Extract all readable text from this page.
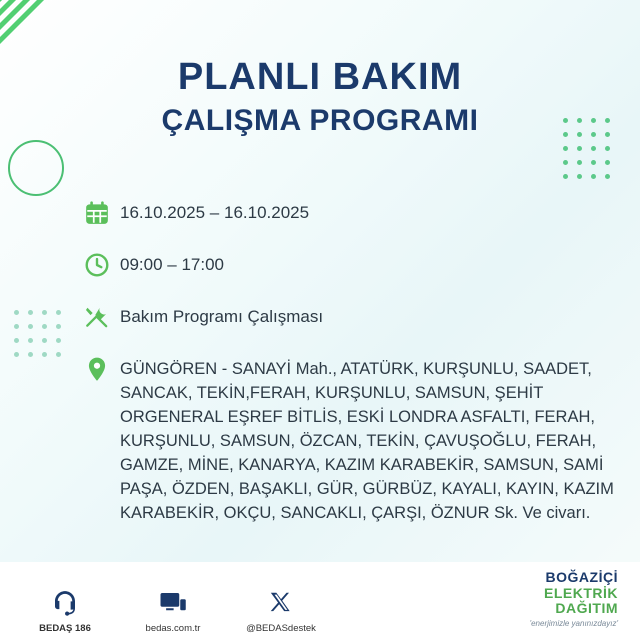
PLANLI BAKIM
ÇALIŞMA PROGRAMI
16.10.2025 – 16.10.2025
09:00 – 17:00
Bakım Programı Çalışması
GÜNGÖREN - SANAYİ Mah., ATATÜRK, KURŞUNLU, SAADET, SANCAK, TEKİN,FERAH, KURŞUNLU, SAMSUN, ŞEHİT ORGENERAL EŞREF BİTLİS, ESKİ LONDRA ASFALTI, FERAH, KURŞUNLU, SAMSUN, ÖZCAN, TEKİN, ÇAVUŞOĞLU, FERAH, GAMZE, MİNE, KANARYA, KAZIM KARABEKİR, SAMSUN, SAMİ PAŞA, ÖZDEN, BAŞAKLI, GÜR, GÜRBÜZ, KAYALI, KAYIN, KAZIM KARABEKİR, OKÇU, SANCAKLI, ÇARŞI, ÖZNUR Sk. Ve civarı.
BEDAŞ 186	bedas.com.tr	@BEDASdestek
BOĞAZİÇİ
ELEKTRİK
DAĞITIM
'enerjimizle yanınızdayız'
